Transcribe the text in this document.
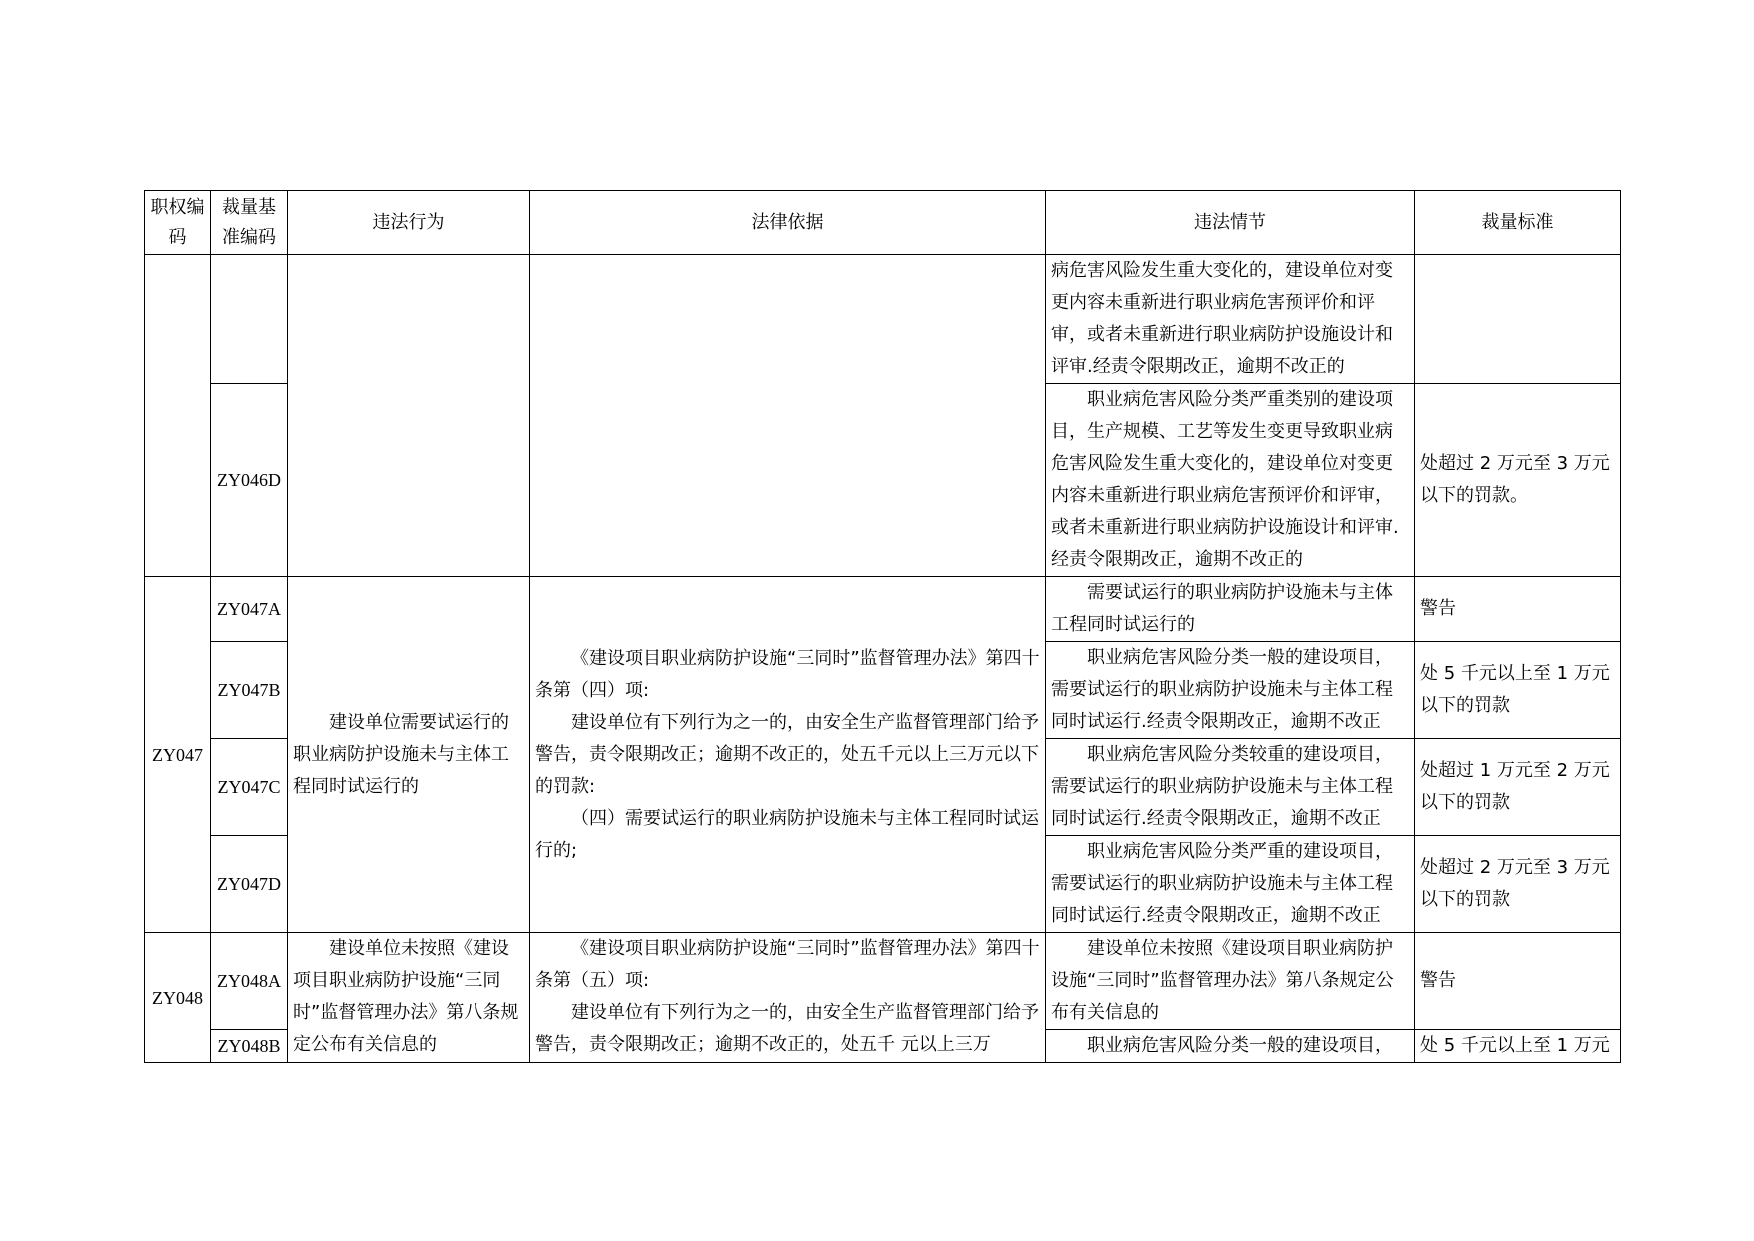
职权编码	裁量基准编码	违法行为	法律依据	违法情节	裁量标准
				病危害风险发生重大变化的，建设单位对变更内容未重新进行职业病危害预评价和评审，或者未重新进行职业病防护设施设计和评审.经责令限期改正，逾期不改正的	
	ZY046D			职业病危害风险分类严重类别的建设项目，生产规模、工艺等发生变更导致职业病危害风险发生重大变化的，建设单位对变更内容未重新进行职业病危害预评价和评审，或者未重新进行职业病防护设施设计和评审.经责令限期改正，逾期不改正的	处超过 2 万元至 3 万元以下的罚款。
ZY047	ZY047A	建设单位需要试运行的职业病防护设施未与主体工程同时试运行的	《建设项目职业病防护设施“三同时”监督管理办法》第四十条第（四）项:

建设单位有下列行为之一的，由安全生产监督管理部门给予警告，责令限期改正；逾期不改正的，处五千元以上三万元以下的罚款:

（四）需要试运行的职业病防护设施未与主体工程同时试运行的;	需要试运行的职业病防护设施未与主体工程同时试运行的	警告
	ZY047B			职业病危害风险分类一般的建设项目，需要试运行的职业病防护设施未与主体工程同时试运行.经责令限期改正，逾期不改正	处 5 千元以上至 1 万元以下的罚款
	ZY047C			职业病危害风险分类较重的建设项目，需要试运行的职业病防护设施未与主体工程同时试运行.经责令限期改正，逾期不改正	处超过 1 万元至 2 万元以下的罚款
	ZY047D			职业病危害风险分类严重的建设项目，需要试运行的职业病防护设施未与主体工程同时试运行.经责令限期改正，逾期不改正	处超过 2 万元至 3 万元以下的罚款
ZY048	ZY048A	建设单位未按照《建设项目职业病防护设施“三同时”监督管理办法》第八条规定公布有关信息的	《建设项目职业病防护设施“三同时”监督管理办法》第四十条第（五）项:

建设单位有下列行为之一的，由安全生产监督管理部门给予警告，责令限期改正；逾期不改正的，处五千 元以上三万	建设单位未按照《建设项目职业病防护设施“三同时”监督管理办法》第八条规定公布有关信息的	警告
	ZY048B			职业病危害风险分类一般的建设项目，	处 5 千元以上至 1 万元
